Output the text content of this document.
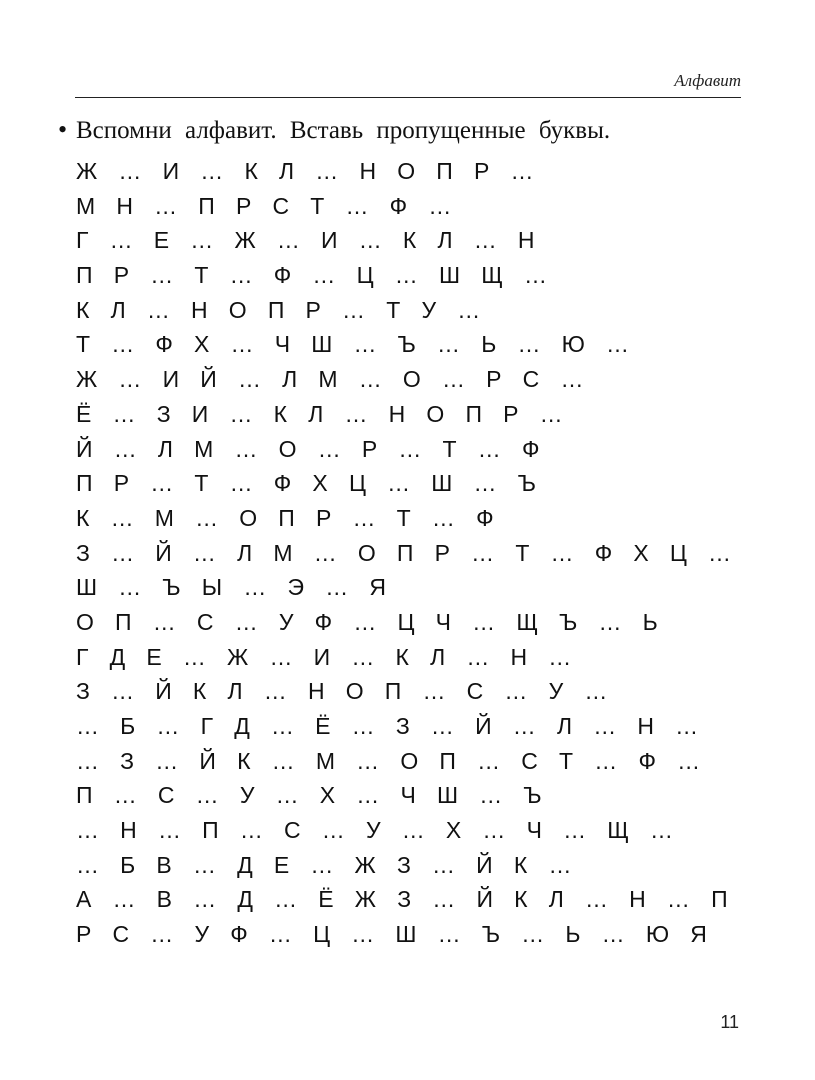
Алфавит
• Вспомни алфавит. Вставь пропущенные буквы.
Ж   …   И   …   К   Л   …   Н   О   П   Р   …
М   Н   …   П   Р   С   Т   …   Ф   …
Г   …   Е   …   Ж   …   И   …   К   Л   …   Н
П   Р   …   Т   …   Ф   …   Ц   …   Ш   Щ   …
К   Л   …   Н   О   П   Р   …   Т   У   …
Т   …   Ф   Х   …   Ч   Ш   …   Ъ   …   Ь   …   Ю   …
Ж   …   И   Й   …   Л   М   …   О   …   Р   С   …
Ё   …   З   И   …   К   Л   …   Н   О   П   Р   …
Й   …   Л   М   …   О   …   Р   …   Т   …   Ф
П   Р   …   Т   …   Ф   Х   Ц   …   Ш   …   Ъ
К   …   М   …   О   П   Р   …   Т   …   Ф
З   …   Й   …   Л   М   …   О   П   Р   …   Т   …   Ф   Х   Ц   …
Ш   …   Ъ   Ы   …   Э   …   Я
О   П   …   С   …   У   Ф   …   Ц   Ч   …   Щ   Ъ   …   Ь
Г   Д   Е   …   Ж   …   И   …   К   Л   …   Н   …
З   …   Й   К   Л   …   Н   О   П   …   С   …   У   …
…   Б   …   Г   Д   …   Ё   …   З   …   Й   …   Л   …   Н   …
…   З   …   Й   К   …   М   …   О   П   …   С   Т   …   Ф   …
П   …   С   …   У   …   Х   …   Ч   Ш   …   Ъ
…   Н   …   П   …   С   …   У   …   Х   …   Ч   …   Щ   …
…   Б   В   …   Д   Е   …   Ж   З   …   Й   К   …
А   …   В   …   Д   …   Ё   Ж   З   …   Й   К   Л   …   Н   …   П
Р   С   …   У   Ф   …   Ц   …   Ш   …   Ъ   …   Ь   …   Ю   Я
11
